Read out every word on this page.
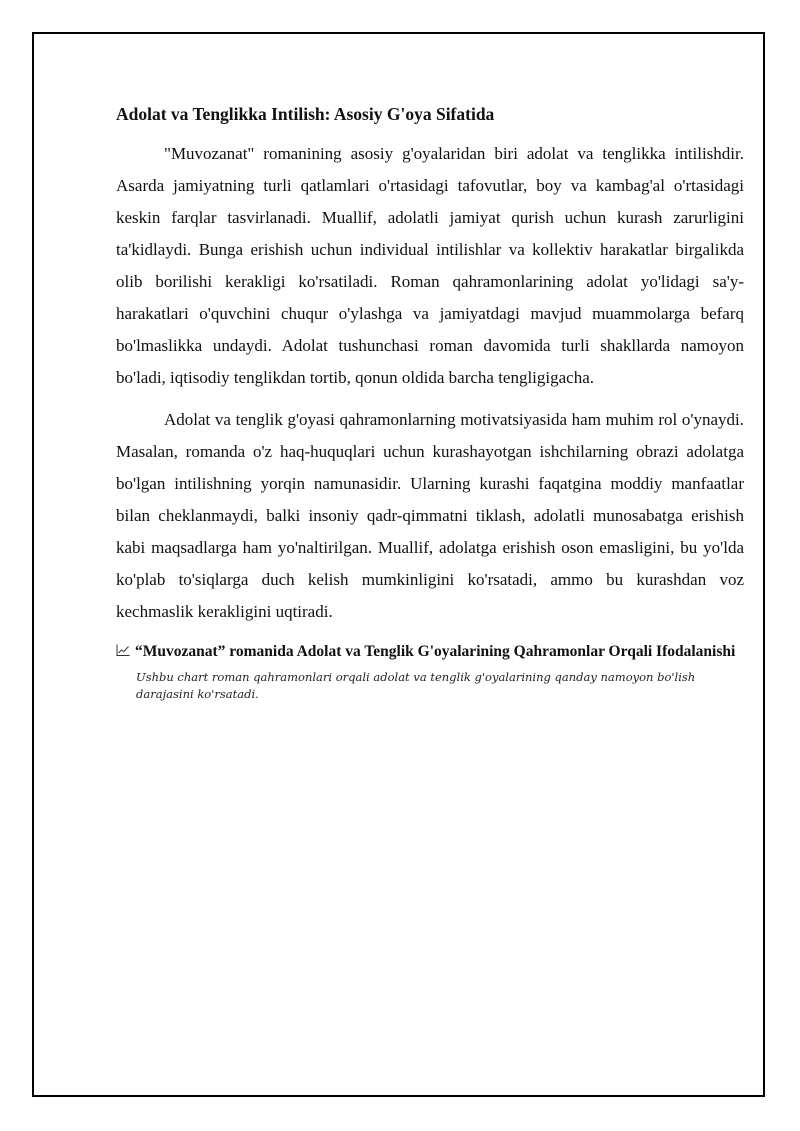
Adolat va Tenglikka Intilish: Asosiy G'oya Sifatida

"Muvozanat" romanining asosiy g'oyalaridan biri adolat va tenglikka intilishdir. Asarda jamiyatning turli qatlamlari o'rtasidagi tafovutlar, boy va kambag'al o'rtasidagi keskin farqlar tasvirlanadi. Muallif, adolatli jamiyat qurish uchun kurash zarurligini ta'kidlaydi. Bunga erishish uchun individual intilishlar va kollektiv harakatlar birgalikda olib borilishi kerakligi ko'rsatiladi. Roman qahramonlarining adolat yo'lidagi sa'y-harakatlari o'quvchini chuqur o'ylashga va jamiyatdagi mavjud muammolarga befarq bo'lmaslikka undaydi. Adolat tushunchasi roman davomida turli shakllarda namoyon bo'ladi, iqtisodiy tenglikdan tortib, qonun oldida barcha tengligigacha.

Adolat va tenglik g'oyasi qahramonlarning motivatsiyasida ham muhim rol o'ynaydi. Masalan, romanda o'z haq-huquqlari uchun kurashayotgan ishchilarning obrazi adolatga bo'lgan intilishning yorqin namunasidir. Ularning kurashi faqatgina moddiy manfaatlar bilan cheklanmaydi, balki insoniy qadr-qimmatni tiklash, adolatli munosabatga erishish kabi maqsadlarga ham yo'naltirilgan. Muallif, adolatga erishish oson emasligini, bu yo'lda ko'plab to'siqlarga duch kelish mumkinligini ko'rsatadi, ammo bu kurashdan voz kechmaslik kerakligini uqtiradi.

“Muvozanat” romanida Adolat va Tenglik G'oyalarining Qahramonlar Orqali Ifodalanishi
Ushbu chart roman qahramonlari orqali adolat va tenglik g'oyalarining qanday namoyon bo'lish darajasini ko'rsatadi.
